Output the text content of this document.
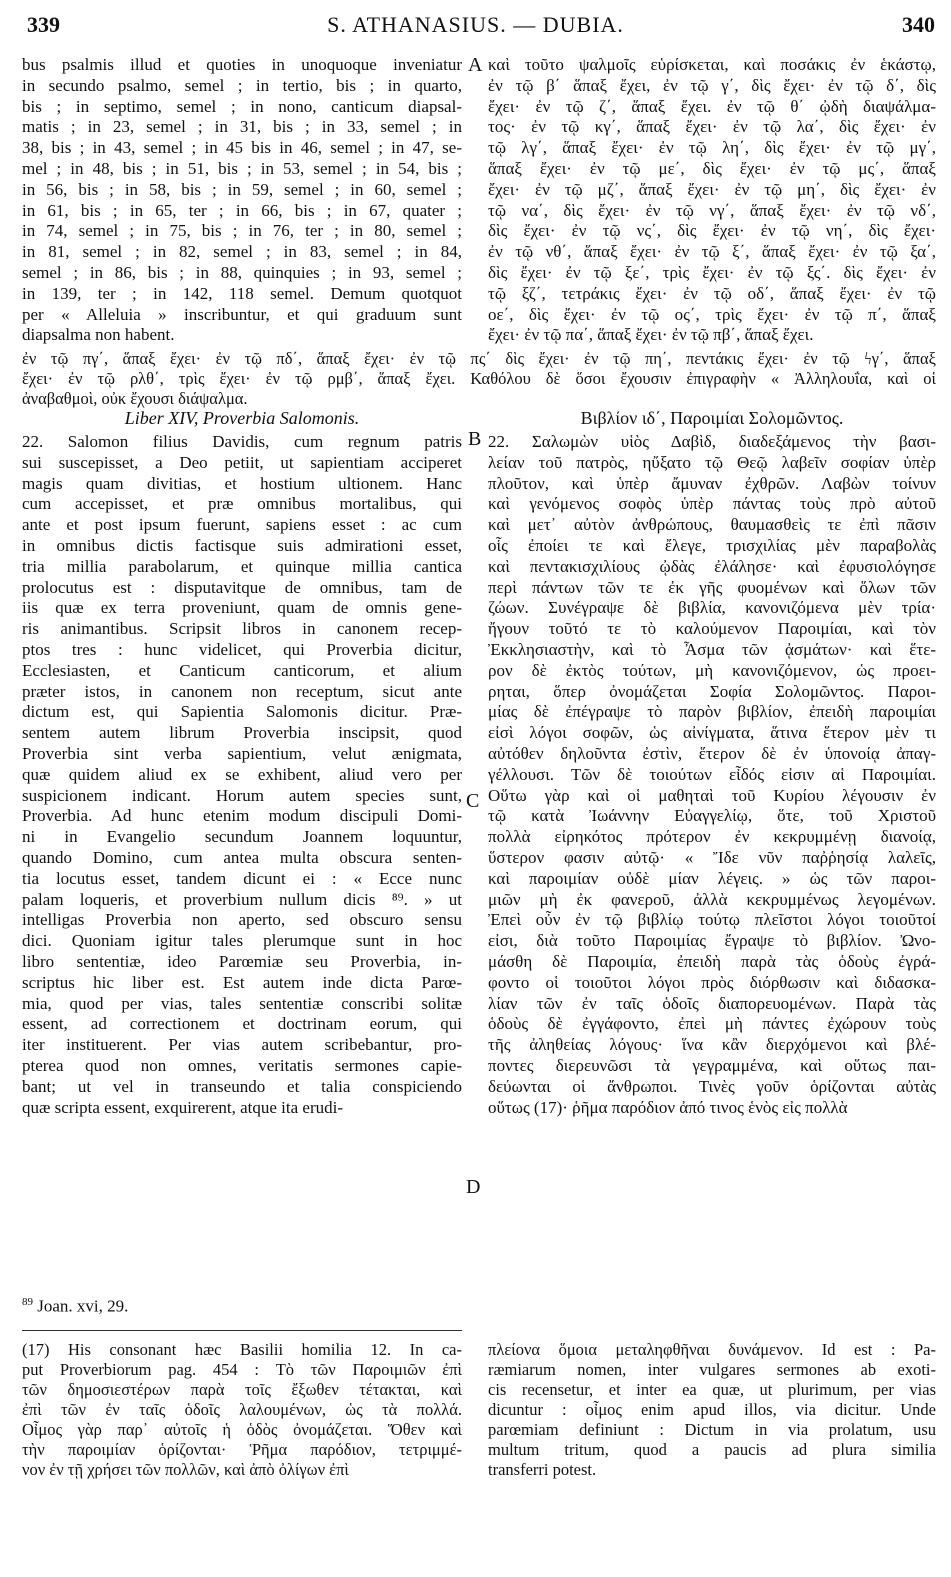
339	S. ATHANASIUS. — DUBIA.	340
A
B
C
D
bus psalmis illud et quoties in unoquoque inveniatur
in secundo psalmo, semel ; in tertio, bis ; in quarto,
bis ; in septimo, semel ; in nono, canticum diapsal-
matis ; in 23, semel ; in 31, bis ; in 33, semel ; in
38, bis ; in 43, semel ; in 45 bis in 46, semel ; in 47, se-
mel ; in 48, bis ; in 51, bis ; in 53, semel ; in 54, bis ;
in 56, bis ; in 58, bis ; in 59, semel ; in 60, semel ;
in 61, bis ; in 65, ter ; in 66, bis ; in 67, quater ;
in 74, semel ; in 75, bis ; in 76, ter ; in 80, semel ;
in 81, semel ; in 82, semel ; in 83, semel ; in 84,
semel ; in 86, bis ; in 88, quinquies ; in 93, semel ;
in 139, ter ; in 142, 118 semel. Demum quotquot
per « Alleluia » inscribuntur, et qui graduum sunt
diapsalma non habent.
καὶ τοῦτο ψαλμοῖς εὑρίσκεται, καὶ ποσάκις ἐν ἑκάστῳ,
ἐν τῷ β΄ ἅπαξ ἔχει, ἐν τῷ γ΄, δὶς ἔχει· ἐν τῷ δ΄, δὶς
ἔχει· ἐν τῷ ζ΄, ἅπαξ ἔχει. ἐν τῷ θ΄ ᾠδὴ διαψάλμα-
τος· ἐν τῷ κγ΄, ἅπαξ ἔχει· ἐν τῷ λα΄, δὶς ἔχει· ἐν
τῷ λγ΄, ἅπαξ ἔχει· ἐν τῷ λη΄, δὶς ἔχει· ἐν τῷ μγ΄,
ἅπαξ ἔχει· ἐν τῷ με΄, δὶς ἔχει· ἐν τῷ μς΄, ἅπαξ
ἔχει· ἐν τῷ μζ΄, ἅπαξ ἔχει· ἐν τῷ μη΄, δὶς ἔχει· ἐν
τῷ να΄, δὶς ἔχει· ἐν τῷ νγ΄, ἅπαξ ἔχει· ἐν τῷ νδ΄,
δὶς ἔχει· ἐν τῷ νς΄, δὶς ἔχει· ἐν τῷ νη΄, δὶς ἔχει·
ἐν τῷ νθ΄, ἅπαξ ἔχει· ἐν τῷ ξ΄, ἅπαξ ἔχει· ἐν τῷ ξα΄,
δὶς ἔχει· ἐν τῷ ξε΄, τρὶς ἔχει· ἐν τῷ ξς΄. δὶς ἔχει· ἐν
τῷ ξζ΄, τετράκις ἔχει· ἐν τῷ οδ΄, ἅπαξ ἔχει· ἐν τῷ
οε΄, δὶς ἔχει· ἐν τῷ ος΄, τρὶς ἔχει· ἐν τῷ π΄, ἅπαξ
ἔχει· ἐν τῷ πα΄, ἅπαξ ἔχει· ἐν τῷ πβ΄, ἅπαξ ἔχει.
ἐν τῷ πγ΄, ἅπαξ ἔχει· ἐν τῷ πδ΄, ἅπαξ ἔχει· ἐν τῷ πς΄ δὶς ἔχει· ἐν τῷ πη΄, πεντάκις ἔχει· ἐν τῷ ϟγ΄, ἅπαξ
ἔχει· ἐν τῷ ρλθ΄, τρὶς ἔχει· ἐν τῷ ρμβ΄, ἅπαξ ἔχει. Καθόλου δὲ ὅσοι ἔχουσιν ἐπιγραφὴν « Ἀλληλουΐα, καὶ οἱ
ἀναβαθμοὶ, οὐκ ἔχουσι διάψαλμα.
Liber XIV, Proverbia Salomonis.	Βιβλίον ιδ΄, Παροιμίαι Σολομῶντος.
22. Salomon filius Davidis, cum regnum patris
sui suscepisset, a Deo petiit, ut sapientiam acciperet
magis quam divitias, et hostium ultionem. Hanc
cum accepisset, et præ omnibus mortalibus, qui
ante et post ipsum fuerunt, sapiens esset : ac cum
in omnibus dictis factisque suis admirationi esset,
tria millia parabolarum, et quinque millia cantica
prolocutus est : disputavitque de omnibus, tam de
iis quæ ex terra proveniunt, quam de omnis gene-
ris animantibus. Scripsit libros in canonem recep-
ptos tres : hunc videlicet, qui Proverbia dicitur,
Ecclesiasten, et Canticum canticorum, et alium
præter istos, in canonem non receptum, sicut ante
dictum est, qui Sapientia Salomonis dicitur. Præ-
sentem autem librum Proverbia inscipsit, quod
Proverbia sint verba sapientium, velut ænigmata,
quæ quidem aliud ex se exhibent, aliud vero per
suspicionem indicant. Horum autem species sunt,
Proverbia. Ad hunc etenim modum discipuli Domi-
ni in Evangelio secundum Joannem loquuntur,
quando Domino, cum antea multa obscura senten-
tia locutus esset, tandem dicunt ei : « Ecce nunc
palam loqueris, et proverbium nullum dicis ⁸⁹. » ut
intelligas Proverbia non aperto, sed obscuro sensu
dici. Quoniam igitur tales plerumque sunt in hoc
libro sententiæ, ideo Parœmiæ seu Proverbia, in-
scriptus hic liber est. Est autem inde dicta Parœ-
mia, quod per vias, tales sententiæ conscribi solitæ
essent, ad correctionem et doctrinam eorum, qui
iter instituerent. Per vias autem scribebantur, pro-
pterea quod non omnes, veritatis sermones capie-
bant; ut vel in transeundo et talia conspiciendo
quæ scripta essent, exquirerent, atque ita erudi-
22. Σαλωμὼν υἱὸς Δαβὶδ, διαδεξάμενος τὴν βασι-
λείαν τοῦ πατρὸς, ηὔξατο τῷ Θεῷ λαβεῖν σοφίαν ὑπὲρ
πλοῦτον, καὶ ὑπὲρ ἄμυναν ἐχθρῶν. Λαβὼν τοίνυν
καὶ γενόμενος σοφὸς ὑπὲρ πάντας τοὺς πρὸ αὐτοῦ
καὶ μετ᾽ αὐτὸν ἀνθρώπους, θαυμασθεὶς τε ἐπὶ πᾶσιν
οἷς ἐποίει τε καὶ ἔλεγε, τρισχιλίας μὲν παραβολὰς
καὶ πεντακισχιλίους ᾠδὰς ἐλάλησε· καὶ ἐφυσιολόγησε
περὶ πάντων τῶν τε ἐκ γῆς φυομένων καὶ ὅλων τῶν
ζώων. Συνέγραψε δὲ βιβλία, κανονιζόμενα μὲν τρία·
ἤγουν τοῦτό τε τὸ καλούμενον Παροιμίαι, καὶ τὸν
Ἐκκλησιαστὴν, καὶ τὸ Ἆσμα τῶν ᾀσμάτων· καὶ ἕτε-
ρον δὲ ἐκτὸς τούτων, μὴ κανονιζόμενον, ὡς προει-
ρηται, ὅπερ ὀνομάζεται Σοφία Σολομῶντος. Παροι-
μίας δὲ ἐπέγραψε τὸ παρὸν βιβλίον, ἐπειδὴ παροιμίαι
εἰσὶ λόγοι σοφῶν, ὡς αἰνίγματα, ἅτινα ἕτερον μὲν τι
αὐτόθεν δηλοῦντα ἐστὶν, ἕτερον δὲ ἐν ὑπονοίᾳ ἀπαγ-
γέλλουσι. Τῶν δὲ τοιούτων εἶδός εἰσιν αἱ Παροιμίαι.
Οὕτω γὰρ καὶ οἱ μαθηταὶ τοῦ Κυρίου λέγουσιν ἐν
τῷ κατὰ Ἰωάννην Εὐαγγελίῳ, ὅτε, τοῦ Χριστοῦ
πολλὰ εἰρηκότος πρότερον ἐν κεκρυμμένῃ διανοίᾳ,
ὕστερον φασιν αὐτῷ· « Ἴδε νῦν παῤῥησίᾳ λαλεῖς,
καὶ παροιμίαν οὐδὲ μίαν λέγεις. » ὡς τῶν παροι-
μιῶν μὴ ἐκ φανεροῦ, ἀλλὰ κεκρυμμένως λεγομένων.
Ἐπεὶ οὖν ἐν τῷ βιβλίῳ τούτῳ πλεῖστοι λόγοι τοιοῦτοί
εἰσι, διὰ τοῦτο Παροιμίας ἔγραψε τὸ βιβλίον. Ὠνο-
μάσθη δὲ Παροιμία, ἐπειδὴ παρὰ τὰς ὁδοὺς ἐγρά-
φοντο οἱ τοιοῦτοι λόγοι πρὸς διόρθωσιν καὶ διδασκα-
λίαν τῶν ἐν ταῖς ὁδοῖς διαπορευομένων. Παρὰ τὰς
ὁδοὺς δὲ ἐγγάφοντο, ἐπεὶ μὴ πάντες ἐχώρουν τοὺς
τῆς ἀληθείας λόγους· ἵνα κἂν διερχόμενοι καὶ βλέ-
ποντες διερευνῶσι τὰ γεγραμμένα, καὶ οὕτως παι-
δεύωνται οἱ ἄνθρωποι. Τινὲς γοῦν ὁρίζονται αὐτὰς
οὕτως (17)· ῥῆμα παρόδιον ἀπό τινος ἑνὸς εἰς πολλὰ
$^{89}$ Joan. xvi, 29.
(17) His consonant hæc Basilii homilia 12. In ca-
put Proverbiorum pag. 454 : Τὸ τῶν Παροιμιῶν ἐπὶ
τῶν δημοσιεστέρων παρὰ τοῖς ἔξωθεν τέτακται, καὶ
ἐπὶ τῶν ἐν ταῖς ὁδοῖς λαλουμένων, ὡς τὰ πολλά.
Οἶμος γὰρ παρ᾽ αὐτοῖς ἡ ὁδὸς ὀνομάζεται. Ὅθεν καὶ
τὴν παροιμίαν ὁρίζονται· Ῥῆμα παρόδιον, τετριμμέ-
νον ἐν τῇ χρήσει τῶν πολλῶν, καὶ ἀπὸ ὀλίγων ἐπὶ
πλείονα ὅμοια μεταληφθῆναι δυνάμενον. Id est : Pa-
ræmiarum nomen, inter vulgares sermones ab exoti-
cis recensetur, et inter ea quæ, ut plurimum, per vias
dicuntur : οἶμος enim apud illos, via dicitur. Unde
parœmiam definiunt : Dictum in via prolatum, usu
multum tritum, quod a paucis ad plura similia
transferri potest.
